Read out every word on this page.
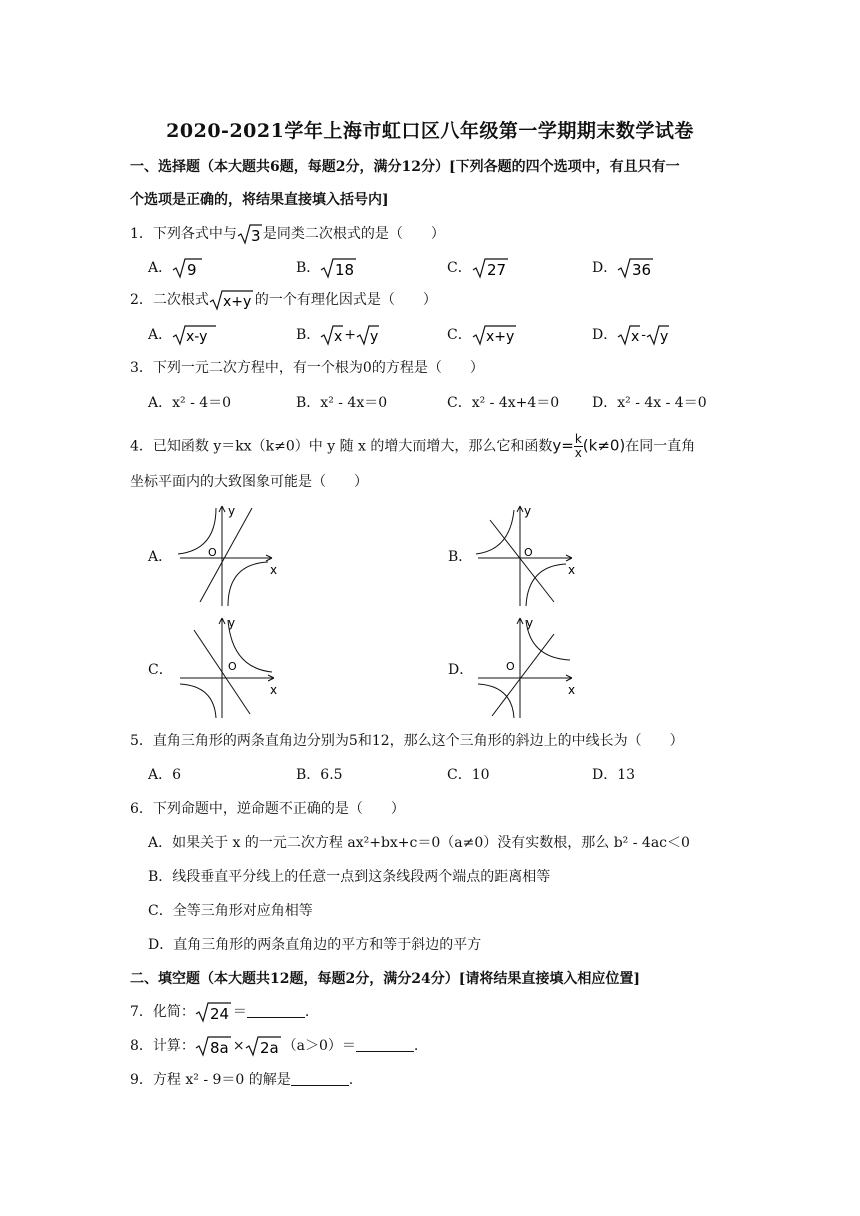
2020-2021学年上海市虹口区八年级第一学期期末数学试卷
一、选择题（本大题共6题，每题2分，满分12分）[下列各题的四个选项中，有且只有一
个选项是正确的，将结果直接填入括号内]
1．下列各式中与 3 是同类二次根式的是（　　）
A． 9	B． 18	C． 27	D． 36
2．二次根式 x+y 的一个有理化因式是（　　）
A． x-y	B． x + y	C． x+y	D． x - y
3．下列一元二次方程中，有一个根为0的方程是（　　）
A．x² - 4＝0	B．x² - 4x＝0	C．x² - 4x+4＝0 D．x² - 4x - 4＝0
4．已知函数 y＝kx（k≠0）中 y 随 x 的增大而增大，那么它和函数$y= \frac{k}{x} (k\ne 0)$在同一直角
坐标平面内的大致图象可能是（　　）
A．	O
y
x
B．	O
y
x
C．	O
y
x
D．	O
y
x
5．直角三角形的两条直角边分别为5和12，那么这个三角形的斜边上的中线长为（　　）
A．6	B．6.5	C．10	D．13
6．下列命题中，逆命题不正确的是（　　）
A．如果关于 x 的一元二次方程 ax²+bx+c＝0（a≠0）没有实数根，那么 b² - 4ac＜0
B．线段垂直平分线上的任意一点到这条线段两个端点的距离相等
C．全等三角形对应角相等
D．直角三角形的两条直角边的平方和等于斜边的平方
二、填空题（本大题共12题，每题2分，满分24分）[请将结果直接填入相应位置]
7．化简： 24 ＝	.
8．计算： 8a × 2a （a＞0）＝	.
9．方程 x² - 9＝0 的解是	.
